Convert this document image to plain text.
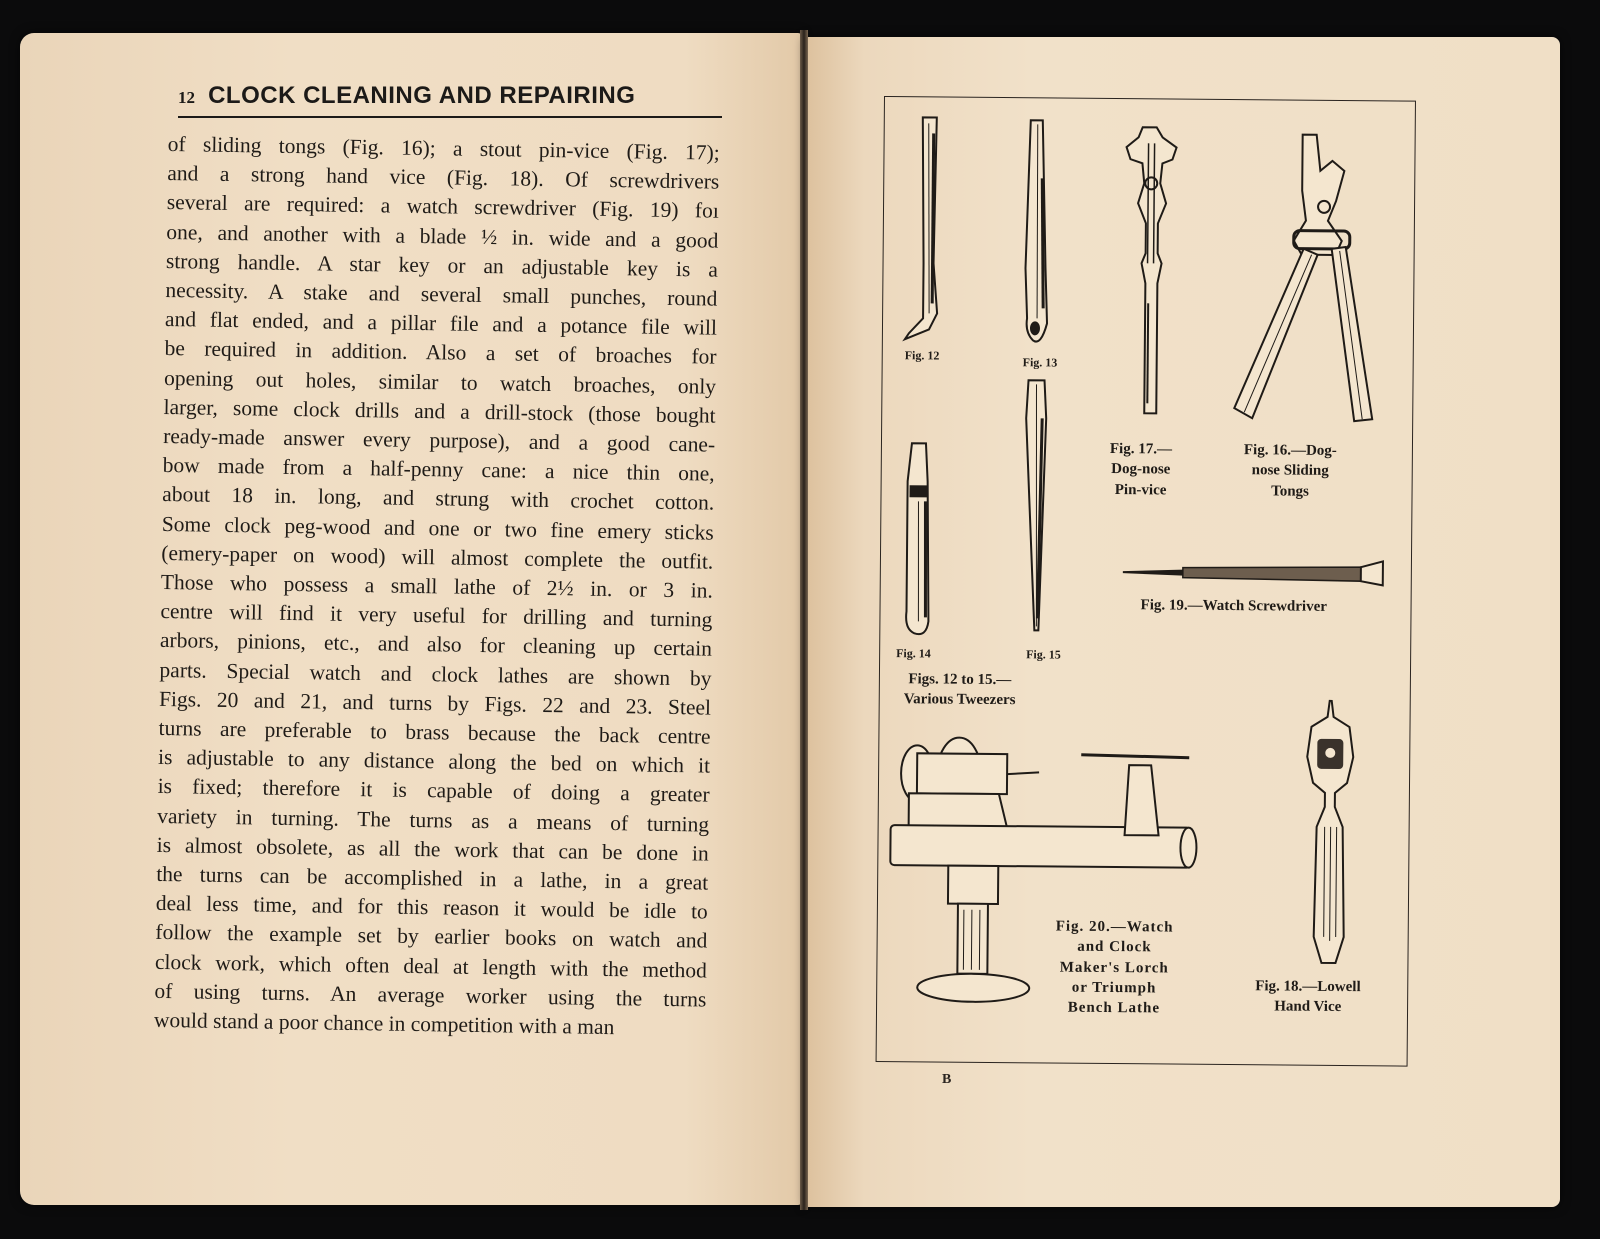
12 CLOCK CLEANING AND REPAIRING
of sliding tongs (Fig. 16); a stout pin-vice (Fig. 17);
and a strong hand vice (Fig. 18). Of screwdrivers
several are required: a watch screwdriver (Fig. 19) foı
one, and another with a blade ½ in. wide and a good
strong handle. A star key or an adjustable key is a
necessity. A stake and several small punches, round
and flat ended, and a pillar file and a potance file will
be required in addition. Also a set of broaches for
opening out holes, similar to watch broaches, only
larger, some clock drills and a drill-stock (those bought
ready-made answer every purpose), and a good cane-
bow made from a half-penny cane: a nice thin one,
about 18 in. long, and strung with crochet cotton.
Some clock peg-wood and one or two fine emery sticks
(emery-paper on wood) will almost complete the outfit.
Those who possess a small lathe of 2½ in. or 3 in.
centre will find it very useful for drilling and turning
arbors, pinions, etc., and also for cleaning up certain
parts. Special watch and clock lathes are shown by
Figs. 20 and 21, and turns by Figs. 22 and 23. Steel
turns are preferable to brass because the back centre
is adjustable to any distance along the bed on which it
is fixed; therefore it is capable of doing a greater
variety in turning. The turns as a means of turning
is almost obsolete, as all the work that can be done in
the turns can be accomplished in a lathe, in a great
deal less time, and for this reason it would be idle to
follow the example set by earlier books on watch and
clock work, which often deal at length with the method
of using turns. An average worker using the turns
would stand a poor chance in competition with a man
Fig. 12	Fig. 13
Fig. 17.—
Dog-nose
Pin-vice
Fig. 16.—Dog-
nose Sliding
Tongs
Fig. 14	Fig. 15
Figs. 12 to 15.—
Various Tweezers
Fig. 19.—Watch Screwdriver
Fig. 20.—Watch
and Clock
Maker's Lorch
or Triumph
Bench Lathe
Fig. 18.—Lowell
Hand Vice
B
